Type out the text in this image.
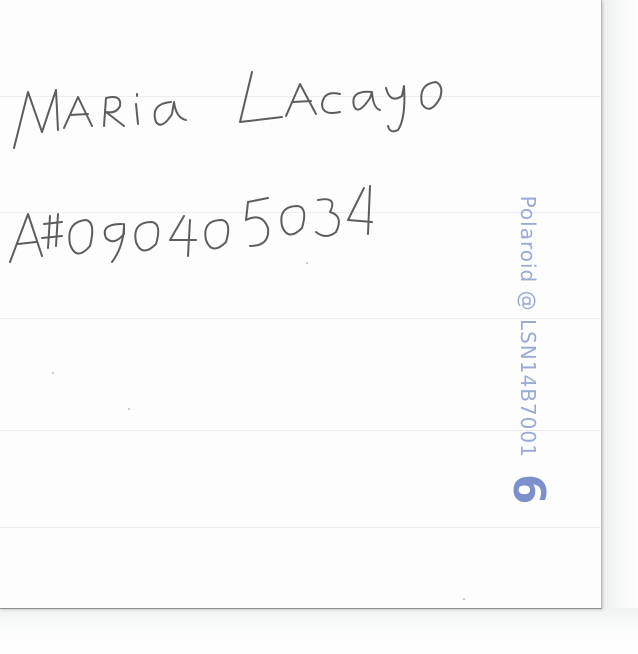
Polaroid @ LSN14B7001
6
